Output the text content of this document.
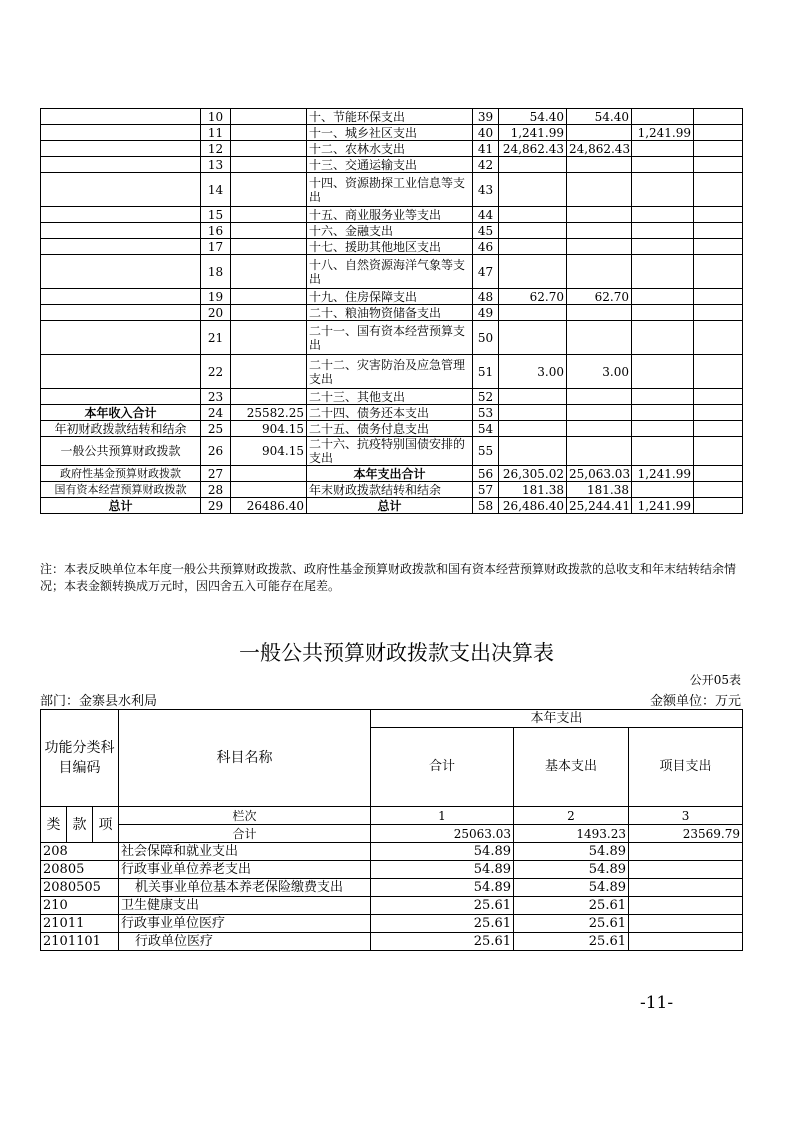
	10		十、节能环保支出	39	54.40	54.40		
	11		十一、城乡社区支出	40	1,241.99		1,241.99	
	12		十二、农林水支出	41	24,862.43	24,862.43		
	13		十三、交通运输支出	42				
	14		十四、资源勘探工业信息等支出	43				
	15		十五、商业服务业等支出	44				
	16		十六、金融支出	45				
	17		十七、援助其他地区支出	46				
	18		十八、自然资源海洋气象等支出	47				
	19		十九、住房保障支出	48	62.70	62.70		
	20		二十、粮油物资储备支出	49				
	21		二十一、国有资本经营预算支出	50				
	22		二十二、灾害防治及应急管理支出	51	3.00	3.00		
	23		二十三、其他支出	52				
本年收入合计	24	25582.25	二十四、债务还本支出	53				
年初财政拨款结转和结余	25	904.15	二十五、债务付息支出	54				
一般公共预算财政拨款	26	904.15	二十六、抗疫特别国债安排的支出	55				
政府性基金预算财政拨款	27		本年支出合计	56	26,305.02	25,063.03	1,241.99	
国有资本经营预算财政拨款	28		年末财政拨款结转和结余	57	181.38	181.38		
总计	29	26486.40	总计	58	26,486.40	25,244.41	1,241.99	
注：本表反映单位本年度一般公共预算财政拨款、政府性基金预算财政拨款和国有资本经营预算财政拨款的总收支和年末结转结余情况；本表金额转换成万元时，因四舍五入可能存在尾差。
一般公共预算财政拨款支出决算表
公开05表
部门：金寨县水利局	金额单位：万元
功能分类科目编码			科目名称	本年支出		
				合计	基本支出	项目支出
类	款	项	栏次	1	2	3
			合计	25063.03	1493.23	23569.79
208			社会保障和就业支出	54.89	54.89	
20805			行政事业单位养老支出	54.89	54.89	
2080505			机关事业单位基本养老保险缴费支出	54.89	54.89	
210			卫生健康支出	25.61	25.61	
21011			行政事业单位医疗	25.61	25.61	
2101101			行政单位医疗	25.61	25.61	
-11-
